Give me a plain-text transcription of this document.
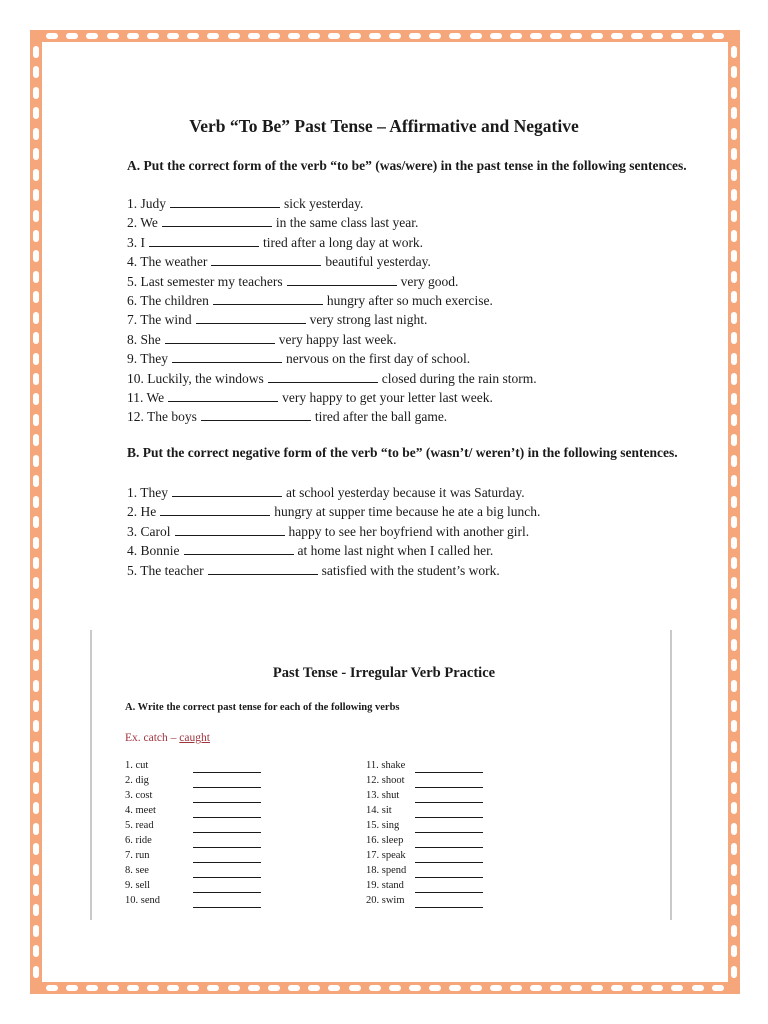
Verb “To Be” Past Tense – Affirmative and Negative
A. Put the correct form of the verb “to be” (was/were) in the past tense in the following sentences.
1. Judy	sick yesterday.
2. We	in the same class last year.
3. I	tired after a long day at work.
4. The weather	beautiful yesterday.
5. Last semester my teachers	very good.
6. The children	hungry after so much exercise.
7. The wind	very strong last night.
8. She	very happy last week.
9. They	nervous on the first day of school.
10. Luckily, the windows	closed during the rain storm.
11. We	very happy to get your letter last week.
12. The boys	tired after the ball game.
B. Put the correct negative form of the verb “to be” (wasn’t/ weren’t) in the following sentences.
1. They	at school yesterday because it was Saturday.
2. He	hungry at supper time because he ate a big lunch.
3. Carol	happy to see her boyfriend with another girl.
4. Bonnie	at home last night when I called her.
5. The teacher	satisfied with the student’s work.
Past Tense - Irregular Verb Practice
A. Write the correct past tense for each of the following verbs
Ex. catch – caught
1. cut
2. dig
3. cost
4. meet
5. read
6. ride
7. run
8. see
9. sell
10. send
11. shake
12. shoot
13. shut
14. sit
15. sing
16. sleep
17. speak
18. spend
19. stand
20. swim
